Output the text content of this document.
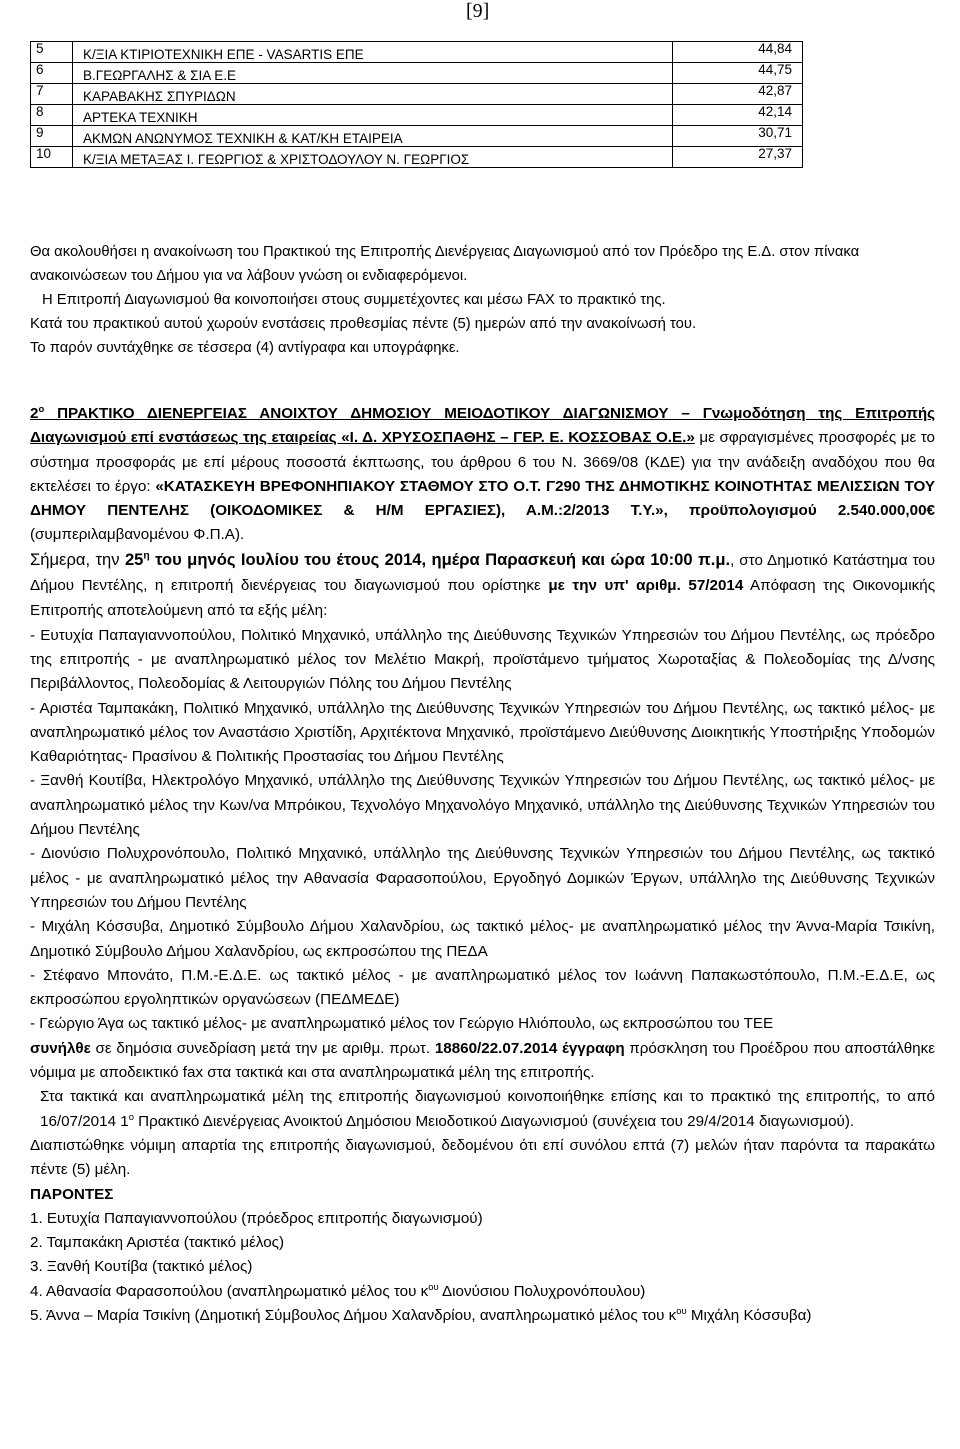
[9]
5	Κ/ΞΙΑ ΚΤΙΡΙΟΤΕΧΝΙΚΗ ΕΠΕ - VASARTIS ΕΠΕ	44,84
6	Β.ΓΕΩΡΓΑΛΗΣ & ΣΙΑ Ε.Ε	44,75
7	ΚΑΡΑΒΑΚΗΣ ΣΠΥΡΙΔΩΝ	42,87
8	ΑΡΤΕΚΑ ΤΕΧΝΙΚΗ	42,14
9	ΑΚΜΩΝ ΑΝΩΝΥΜΟΣ ΤΕΧΝΙΚΗ & ΚΑΤ/ΚΗ ΕΤΑΙΡΕΙΑ	30,71
10	Κ/ΞΙΑ ΜΕΤΑΞΑΣ Ι. ΓΕΩΡΓΙΟΣ & ΧΡΙΣΤΟΔΟΥΛΟΥ Ν. ΓΕΩΡΓΙΟΣ	27,37

Θα ακολουθήσει η ανακοίνωση του Πρακτικού της Επιτροπής Διενέργειας Διαγωνισμού από τον Πρόεδρο της Ε.Δ. στον πίνακα ανακοινώσεων του Δήμου για να λάβουν γνώση οι ενδιαφερόμενοι.

Η Επιτροπή Διαγωνισμού θα κοινοποιήσει στους συμμετέχοντες και μέσω FAX το πρακτικό της.

Κατά του πρακτικού αυτού χωρούν ενστάσεις προθεσμίας πέντε (5) ημερών από την ανακοίνωσή του.

Το παρόν συντάχθηκε σε τέσσερα (4) αντίγραφα και υπογράφηκε.

$2^o$ ΠΡΑΚΤΙΚΟ ΔΙΕΝΕΡΓΕΙΑΣ ΑΝΟΙΧΤΟΥ ΔΗΜΟΣΙΟΥ ΜΕΙΟΔΟΤΙΚΟΥ ΔΙΑΓΩΝΙΣΜΟΥ – Γνωμοδότηση της Επιτροπής Διαγωνισμού επί ενστάσεως της εταιρείας «Ι. Δ. ΧΡΥΣΟΣΠΑΘΗΣ – ΓΕΡ. Ε. ΚΟΣΣΟΒΑΣ Ο.Ε.» με σφραγισμένες προσφορές με το σύστημα προσφοράς με επί μέρους ποσοστά έκπτωσης, του άρθρου 6 του Ν. 3669/08 (ΚΔΕ) για την ανάδειξη αναδόχου που θα εκτελέσει το έργο: «ΚΑΤΑΣΚΕΥΗ ΒΡΕΦΟΝΗΠΙΑΚΟΥ ΣΤΑΘΜΟΥ ΣΤΟ Ο.Τ. Γ290 ΤΗΣ ΔΗΜΟΤΙΚΗΣ ΚΟΙΝΟΤΗΤΑΣ ΜΕΛΙΣΣΙΩΝ ΤΟΥ ΔΗΜΟΥ ΠΕΝΤΕΛΗΣ (ΟΙΚΟΔΟΜΙΚΕΣ & Η/Μ ΕΡΓΑΣΙΕΣ), Α.Μ.:2/2013 Τ.Υ.», προϋπολογισμού 2.540.000,00€ (συμπεριλαμβανομένου Φ.Π.Α).

Σήμερα, την $25^\eta$ του μηνός Ιουλίου του έτους 2014, ημέρα Παρασκευή και ώρα 10:00 π.μ., στο Δημοτικό Κατάστημα του Δήμου Πεντέλης, η επιτροπή διενέργειας του διαγωνισμού που ορίστηκε με την υπ' αριθμ. 57/2014 Απόφαση της Οικονομικής Επιτροπής αποτελούμενη από τα εξής μέλη:

- Ευτυχία Παπαγιαννοπούλου, Πολιτικό Μηχανικό, υπάλληλο της Διεύθυνσης Τεχνικών Υπηρεσιών του Δήμου Πεντέλης, ως πρόεδρο της επιτροπής - με αναπληρωματικό μέλος τον Μελέτιο Μακρή, προϊστάμενο τμήματος Χωροταξίας & Πολεοδομίας της Δ/νσης Περιβάλλοντος, Πολεοδομίας & Λειτουργιών Πόλης του Δήμου Πεντέλης

- Αριστέα Ταμπακάκη, Πολιτικό Μηχανικό, υπάλληλο της Διεύθυνσης Τεχνικών Υπηρεσιών του Δήμου Πεντέλης, ως τακτικό μέλος- με αναπληρωματικό μέλος τον Αναστάσιο Χριστίδη, Αρχιτέκτονα Μηχανικό, προϊστάμενο Διεύθυνσης Διοικητικής Υποστήριξης Υποδομών Καθαριότητας- Πρασίνου & Πολιτικής Προστασίας του Δήμου Πεντέλης

- Ξανθή Κουτίβα, Ηλεκτρολόγο Μηχανικό, υπάλληλο της Διεύθυνσης Τεχνικών Υπηρεσιών του Δήμου Πεντέλης, ως τακτικό μέλος- με αναπληρωματικό μέλος την Κων/να Μπρόικου, Τεχνολόγο Μηχανολόγο Μηχανικό, υπάλληλο της Διεύθυνσης Τεχνικών Υπηρεσιών του Δήμου Πεντέλης

- Διονύσιο Πολυχρονόπουλο, Πολιτικό Μηχανικό, υπάλληλο της Διεύθυνσης Τεχνικών Υπηρεσιών του Δήμου Πεντέλης, ως τακτικό μέλος - με αναπληρωματικό μέλος την Αθανασία Φαρασοπούλου, Εργοδηγό Δομικών Έργων, υπάλληλο της Διεύθυνσης Τεχνικών Υπηρεσιών του Δήμου Πεντέλης

- Μιχάλη Κόσσυβα, Δημοτικό Σύμβουλο Δήμου Χαλανδρίου, ως τακτικό μέλος- με αναπληρωματικό μέλος την Άννα-Μαρία Τσικίνη, Δημοτικό Σύμβουλο Δήμου Χαλανδρίου, ως εκπροσώπου της ΠΕΔΑ

- Στέφανο Μπονάτο, Π.Μ.-Ε.Δ.Ε. ως τακτικό μέλος - με αναπληρωματικό μέλος τον Ιωάννη Παπακωστόπουλο, Π.Μ.-Ε.Δ.Ε, ως εκπροσώπου εργοληπτικών οργανώσεων (ΠΕΔΜΕΔΕ)

- Γεώργιο Άγα ως τακτικό μέλος- με αναπληρωματικό μέλος τον Γεώργιο Ηλιόπουλο, ως εκπροσώπου του ΤΕΕ

συνήλθε σε δημόσια συνεδρίαση μετά την με αριθμ. πρωτ. 18860/22.07.2014 έγγραφη πρόσκληση του Προέδρου που αποστάλθηκε νόμιμα με αποδεικτικό fax στα τακτικά και στα αναπληρωματικά μέλη της επιτροπής.

Στα τακτικά και αναπληρωματικά μέλη της επιτροπής διαγωνισμού κοινοποιήθηκε επίσης και το πρακτικό της επιτροπής, το από 16/07/2014 $1^o$ Πρακτικό Διενέργειας Ανοικτού Δημόσιου Μειοδοτικού Διαγωνισμού (συνέχεια του 29/4/2014 διαγωνισμού).

Διαπιστώθηκε νόμιμη απαρτία της επιτροπής διαγωνισμού, δεδομένου ότι επί συνόλου επτά (7) μελών ήταν παρόντα τα παρακάτω πέντε (5) μέλη.

ΠΑΡΟΝΤΕΣ

1. Ευτυχία Παπαγιαννοπούλου (πρόεδρος επιτροπής διαγωνισμού)
2. Ταμπακάκη Αριστέα (τακτικό μέλος)
3. Ξανθή Κουτίβα (τακτικό μέλος)
4. Αθανασία Φαρασοπούλου (αναπληρωματικό μέλος του $\kappa^{o\upsilon}$ Διονύσιου Πολυχρονόπουλου)
5. Άννα – Μαρία Τσικίνη (Δημοτική Σύμβουλος Δήμου Χαλανδρίου, αναπληρωματικό μέλος του $\kappa^{o\upsilon}$ Μιχάλη Κόσσυβα)
